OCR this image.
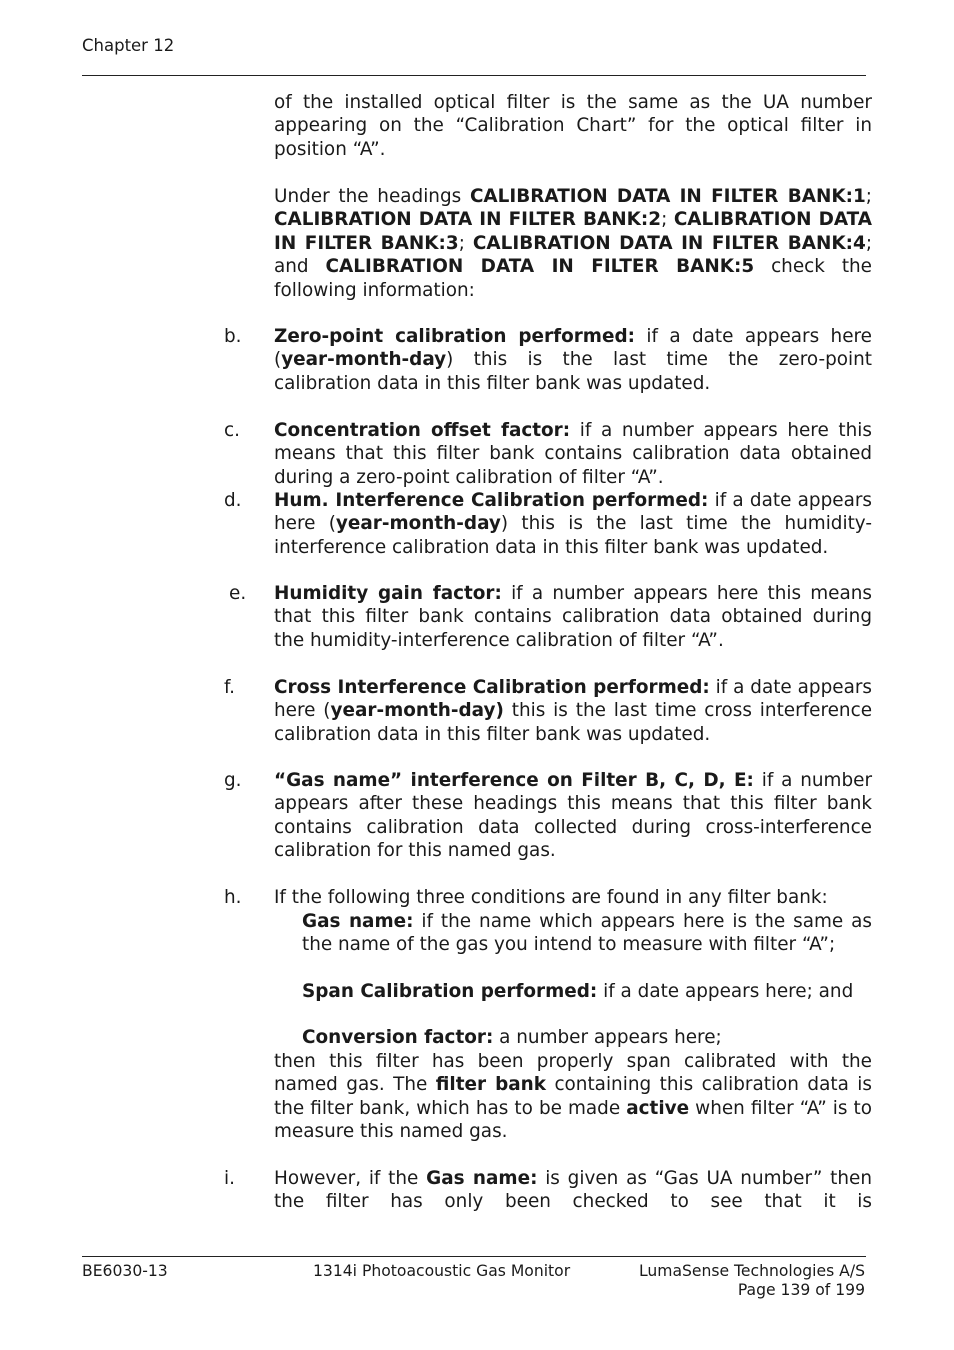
Chapter 12
of the installed optical filter is the same as the UA number appearing on the “Calibration Chart” for the optical filter in position “A”.
Under the headings CALIBRATION DATA IN FILTER BANK:1; CALIBRATION DATA IN FILTER BANK:2; CALIBRATION DATA IN FILTER BANK:3; CALIBRATION DATA IN FILTER BANK:4; and CALIBRATION DATA IN FILTER BANK:5 check the following information:
b. Zero-point calibration performed: if a date appears here (year-month-day) this is the last time the zero-point calibration data in this filter bank was updated.
c. Concentration offset factor: if a number appears here this means that this filter bank contains calibration data obtained during a zero-point calibration of filter “A”.
d. Hum. Interference Calibration performed: if a date appears here (year-month-day) this is the last time the humidity-interference calibration data in this filter bank was updated.
e. Humidity gain factor: if a number appears here this means that this filter bank contains calibration data obtained during the humidity-interference calibration of filter “A”.
f. Cross Interference Calibration performed: if a date appears here (year-month-day) this is the last time cross interference calibration data in this filter bank was updated.
g. “Gas name” interference on Filter B, C, D, E: if a number appears after these headings this means that this filter bank contains calibration data collected during cross-interference calibration for this named gas.
h. If the following three conditions are found in any filter bank:
Gas name: if the name which appears here is the same as the name of the gas you intend to measure with filter “A”;
Span Calibration performed: if a date appears here; and
Conversion factor: a number appears here;
then this filter has been properly span calibrated with the named gas. The filter bank containing this calibration data is the filter bank, which has to be made active when filter “A” is to measure this named gas.
i. However, if the Gas name: is given as “Gas UA number” then the filter has only been checked to see that it is
BE6030-13	1314i Photoacoustic Gas Monitor	LumaSense Technologies A/S
Page 139 of 199
